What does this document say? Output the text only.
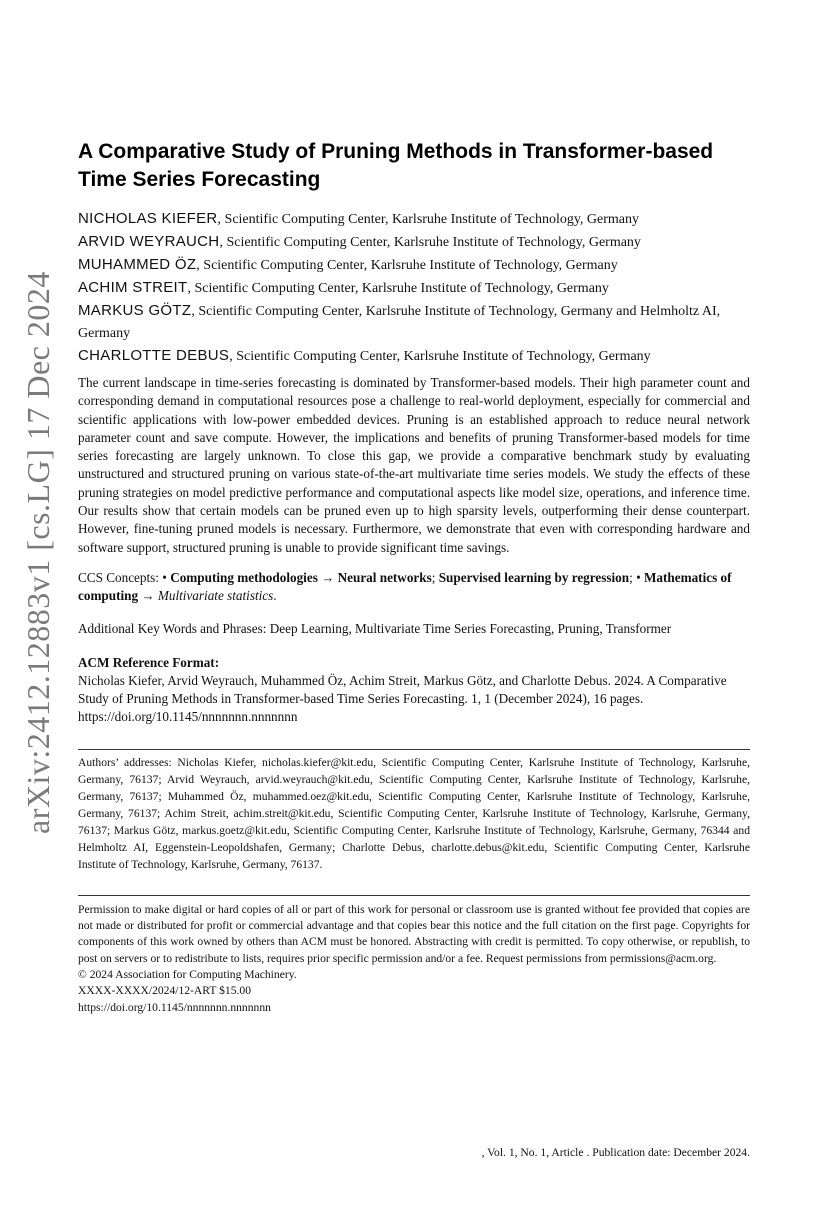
arXiv:2412.12883v1 [cs.LG] 17 Dec 2024
A Comparative Study of Pruning Methods in Transformer-based Time Series Forecasting
NICHOLAS KIEFER, Scientific Computing Center, Karlsruhe Institute of Technology, Germany
ARVID WEYRAUCH, Scientific Computing Center, Karlsruhe Institute of Technology, Germany
MUHAMMED ÖZ, Scientific Computing Center, Karlsruhe Institute of Technology, Germany
ACHIM STREIT, Scientific Computing Center, Karlsruhe Institute of Technology, Germany
MARKUS GÖTZ, Scientific Computing Center, Karlsruhe Institute of Technology, Germany and Helmholtz AI, Germany
CHARLOTTE DEBUS, Scientific Computing Center, Karlsruhe Institute of Technology, Germany
The current landscape in time-series forecasting is dominated by Transformer-based models. Their high parameter count and corresponding demand in computational resources pose a challenge to real-world deployment, especially for commercial and scientific applications with low-power embedded devices. Pruning is an established approach to reduce neural network parameter count and save compute. However, the implications and benefits of pruning Transformer-based models for time series forecasting are largely unknown. To close this gap, we provide a comparative benchmark study by evaluating unstructured and structured pruning on various state-of-the-art multivariate time series models. We study the effects of these pruning strategies on model predictive performance and computational aspects like model size, operations, and inference time. Our results show that certain models can be pruned even up to high sparsity levels, outperforming their dense counterpart. However, fine-tuning pruned models is necessary. Furthermore, we demonstrate that even with corresponding hardware and software support, structured pruning is unable to provide significant time savings.
CCS Concepts: • Computing methodologies → Neural networks; Supervised learning by regression; • Mathematics of computing → Multivariate statistics.
Additional Key Words and Phrases: Deep Learning, Multivariate Time Series Forecasting, Pruning, Transformer
ACM Reference Format:
Nicholas Kiefer, Arvid Weyrauch, Muhammed Öz, Achim Streit, Markus Götz, and Charlotte Debus. 2024. A Comparative Study of Pruning Methods in Transformer-based Time Series Forecasting. 1, 1 (December 2024), 16 pages. https://doi.org/10.1145/nnnnnnn.nnnnnnn
Authors’ addresses: Nicholas Kiefer, nicholas.kiefer@kit.edu, Scientific Computing Center, Karlsruhe Institute of Technology, Karlsruhe, Germany, 76137; Arvid Weyrauch, arvid.weyrauch@kit.edu, Scientific Computing Center, Karlsruhe Institute of Technology, Karlsruhe, Germany, 76137; Muhammed Öz, muhammed.oez@kit.edu, Scientific Computing Center, Karlsruhe Institute of Technology, Karlsruhe, Germany, 76137; Achim Streit, achim.streit@kit.edu, Scientific Computing Center, Karlsruhe Institute of Technology, Karlsruhe, Germany, 76137; Markus Götz, markus.goetz@kit.edu, Scientific Computing Center, Karlsruhe Institute of Technology, Karlsruhe, Germany, 76344 and Helmholtz AI, Eggenstein-Leopoldshafen, Germany; Charlotte Debus, charlotte.debus@kit.edu, Scientific Computing Center, Karlsruhe Institute of Technology, Karlsruhe, Germany, 76137.

Permission to make digital or hard copies of all or part of this work for personal or classroom use is granted without fee provided that copies are not made or distributed for profit or commercial advantage and that copies bear this notice and the full citation on the first page. Copyrights for components of this work owned by others than ACM must be honored. Abstracting with credit is permitted. To copy otherwise, or republish, to post on servers or to redistribute to lists, requires prior specific permission and/or a fee. Request permissions from permissions@acm.org.

© 2024 Association for Computing Machinery.

XXXX-XXXX/2024/12-ART $15.00

https://doi.org/10.1145/nnnnnnn.nnnnnnn

, Vol. 1, No. 1, Article . Publication date: December 2024.
